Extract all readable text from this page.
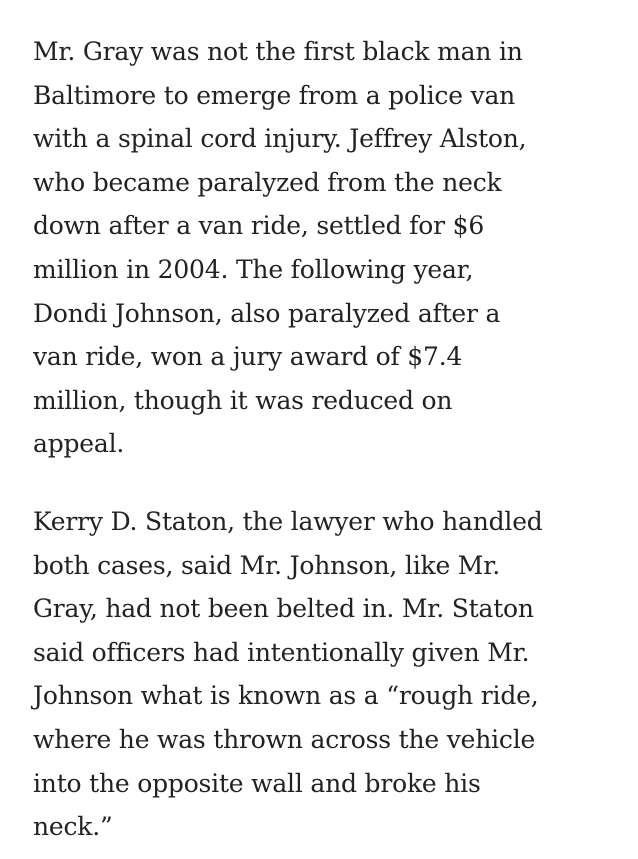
Mr. Gray was not the first black man in
Baltimore to emerge from a police van
with a spinal cord injury. Jeffrey Alston,
who became paralyzed from the neck
down after a van ride, settled for $6
million in 2004. The following year,
Dondi Johnson, also paralyzed after a
van ride, won a jury award of $7.4
million, though it was reduced on
appeal.

Kerry D. Staton, the lawyer who handled
both cases, said Mr. Johnson, like Mr.
Gray, had not been belted in. Mr. Staton
said officers had intentionally given Mr.
Johnson what is known as a “rough ride,
where he was thrown across the vehicle
into the opposite wall and broke his
neck.”
